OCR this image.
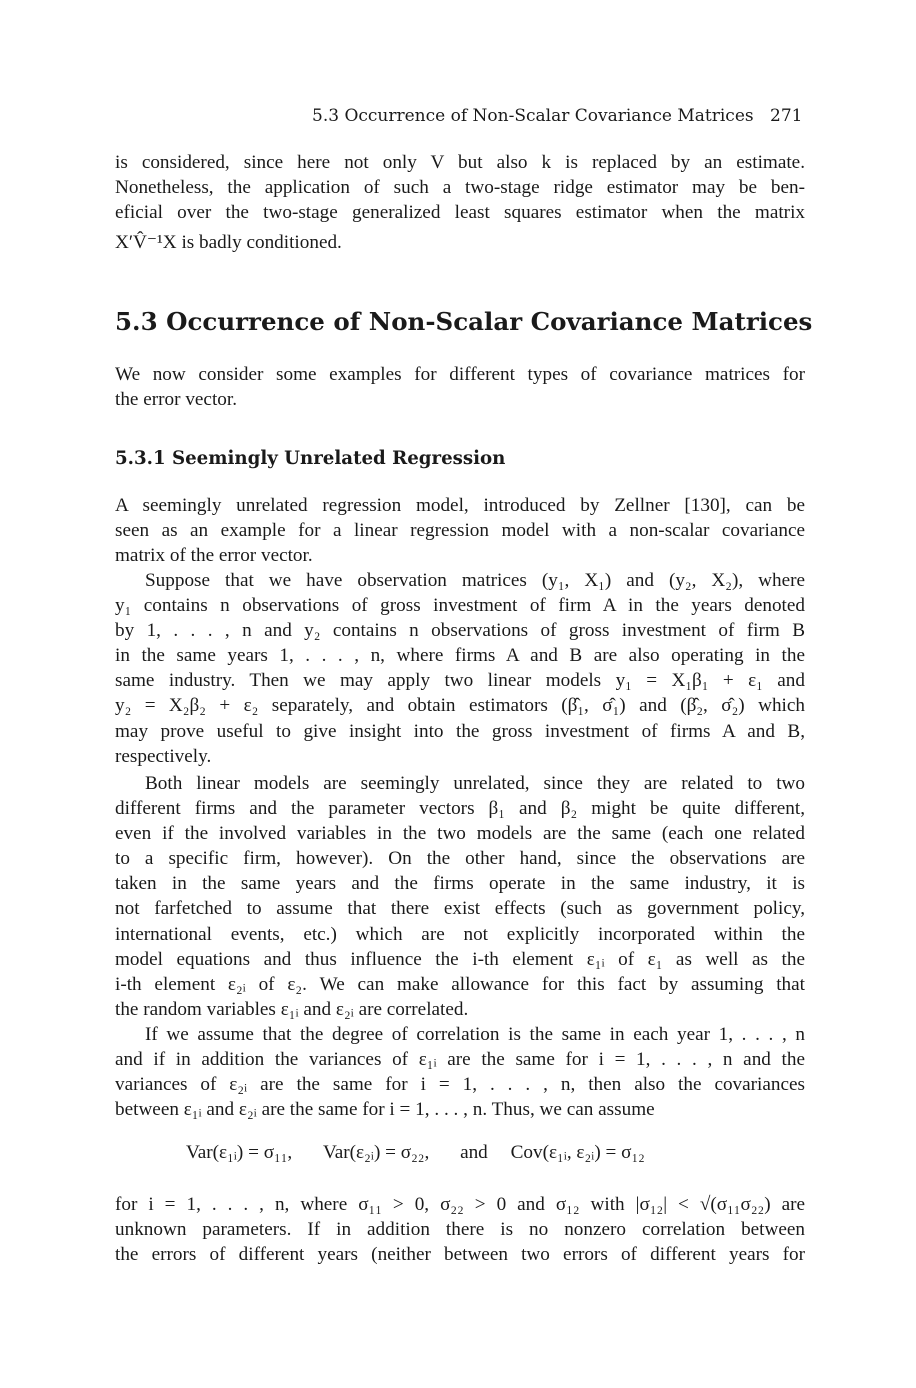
5.3 Occurrence of Non-Scalar Covariance Matrices 271
is considered, since here not only V but also k is replaced by an estimate.
Nonetheless, the application of such a two-stage ridge estimator may be ben-
eficial over the two-stage generalized least squares estimator when the matrix
X′V̂⁻¹X is badly conditioned.
5.3 Occurrence of Non-Scalar Covariance Matrices
We now consider some examples for different types of covariance matrices for
the error vector.
5.3.1 Seemingly Unrelated Regression
A seemingly unrelated regression model, introduced by Zellner [130], can be
seen as an example for a linear regression model with a non-scalar covariance
matrix of the error vector.
Suppose that we have observation matrices (y₁, X₁) and (y₂, X₂), where
y₁ contains n observations of gross investment of firm A in the years denoted
by 1, . . . , n and y₂ contains n observations of gross investment of firm B
in the same years 1, . . . , n, where firms A and B are also operating in the
same industry. Then we may apply two linear models y₁ = X₁β₁ + ε₁ and
y₂ = X₂β₂ + ε₂ separately, and obtain estimators (β̂₁, σ̂₁) and (β̂₂, σ̂₂) which
may prove useful to give insight into the gross investment of firms A and B,
respectively.
Both linear models are seemingly unrelated, since they are related to two
different firms and the parameter vectors β₁ and β₂ might be quite different,
even if the involved variables in the two models are the same (each one related
to a specific firm, however). On the other hand, since the observations are
taken in the same years and the firms operate in the same industry, it is
not farfetched to assume that there exist effects (such as government policy,
international events, etc.) which are not explicitly incorporated within the
model equations and thus influence the i-th element ε₁ᵢ of ε₁ as well as the
i-th element ε₂ᵢ of ε₂. We can make allowance for this fact by assuming that
the random variables ε₁ᵢ and ε₂ᵢ are correlated.
If we assume that the degree of correlation is the same in each year 1, . . . , n
and if in addition the variances of ε₁ᵢ are the same for i = 1, . . . , n and the
variances of ε₂ᵢ are the same for i = 1, . . . , n, then also the covariances
between ε₁ᵢ and ε₂ᵢ are the same for i = 1, . . . , n. Thus, we can assume
Var(ε₁ᵢ) = σ₁₁, Var(ε₂ᵢ) = σ₂₂, and Cov(ε₁ᵢ, ε₂ᵢ) = σ₁₂
for i = 1, . . . , n, where σ₁₁ > 0, σ₂₂ > 0 and σ₁₂ with |σ₁₂| < √(σ₁₁σ₂₂) are
unknown parameters. If in addition there is no nonzero correlation between
the errors of different years (neither between two errors of different years for
